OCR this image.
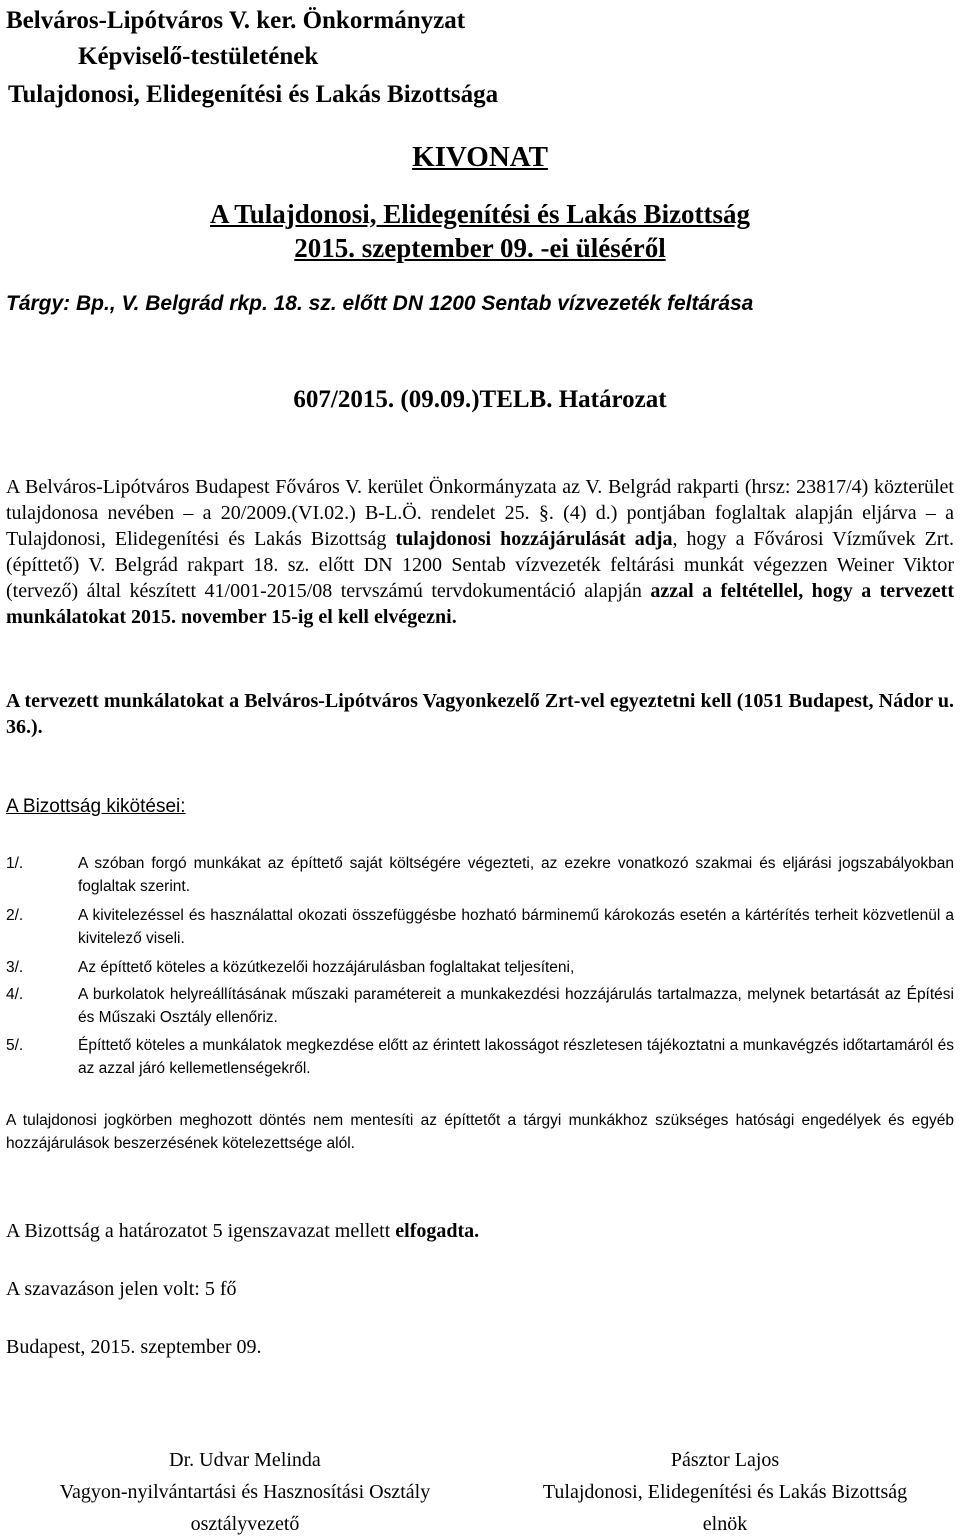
Belváros-Lipótváros V. ker. Önkormányzat
Képviselő-testületének
Tulajdonosi, Elidegenítési és Lakás Bizottsága
KIVONAT
A Tulajdonosi, Elidegenítési és Lakás Bizottság
2015. szeptember 09. -ei üléséről
Tárgy: Bp., V. Belgrád rkp. 18. sz. előtt DN 1200 Sentab vízvezeték feltárása
607/2015. (09.09.)TELB. Határozat
A Belváros-Lipótváros Budapest Főváros V. kerület Önkormányzata az V. Belgrád rakparti (hrsz: 23817/4) közterület tulajdonosa nevében – a 20/2009.(VI.02.) B-L.Ö. rendelet 25. §. (4) d.) pontjában foglaltak alapján eljárva – a Tulajdonosi, Elidegenítési és Lakás Bizottság tulajdonosi hozzájárulását adja, hogy a Fővárosi Vízművek Zrt. (építtető) V. Belgrád rakpart 18. sz. előtt DN 1200 Sentab vízvezeték feltárási munkát végezzen Weiner Viktor (tervező) által készített 41/001-2015/08 tervszámú tervdokumentáció alapján azzal a feltétellel, hogy a tervezett munkálatokat 2015. november 15-ig el kell elvégezni.
A tervezett munkálatokat a Belváros-Lipótváros Vagyonkezelő Zrt-vel egyeztetni kell (1051 Budapest, Nádor u. 36.).
A Bizottság kikötései:
1/.	A szóban forgó munkákat az építtető saját költségére végezteti, az ezekre vonatkozó szakmai és eljárási jogszabályokban foglaltak szerint.
2/.	A kivitelezéssel és használattal okozati összefüggésbe hozható bárminemű károkozás esetén a kártérítés terheit közvetlenül a kivitelező viseli.
3/.	Az építtető köteles a közútkezelői hozzájárulásban foglaltakat teljesíteni,
4/.	A burkolatok helyreállításának műszaki paramétereit a munkakezdési hozzájárulás tartalmazza, melynek betartását az Építési és Műszaki Osztály ellenőriz.
5/.	Építtető köteles a munkálatok megkezdése előtt az érintett lakosságot részletesen tájékoztatni a munkavégzés időtartamáról és az azzal járó kellemetlenségekről.
A tulajdonosi jogkörben meghozott döntés nem mentesíti az építtetőt a tárgyi munkákhoz szükséges hatósági engedélyek és egyéb hozzájárulások beszerzésének kötelezettsége alól.
A Bizottság a határozatot 5 igenszavazat mellett elfogadta.
A szavazáson jelen volt: 5 fő
Budapest, 2015. szeptember 09.
Dr. Udvar Melinda
Vagyon-nyilvántartási és Hasznosítási Osztály
osztályvezető
Pásztor Lajos
Tulajdonosi, Elidegenítési és Lakás Bizottság
elnök
